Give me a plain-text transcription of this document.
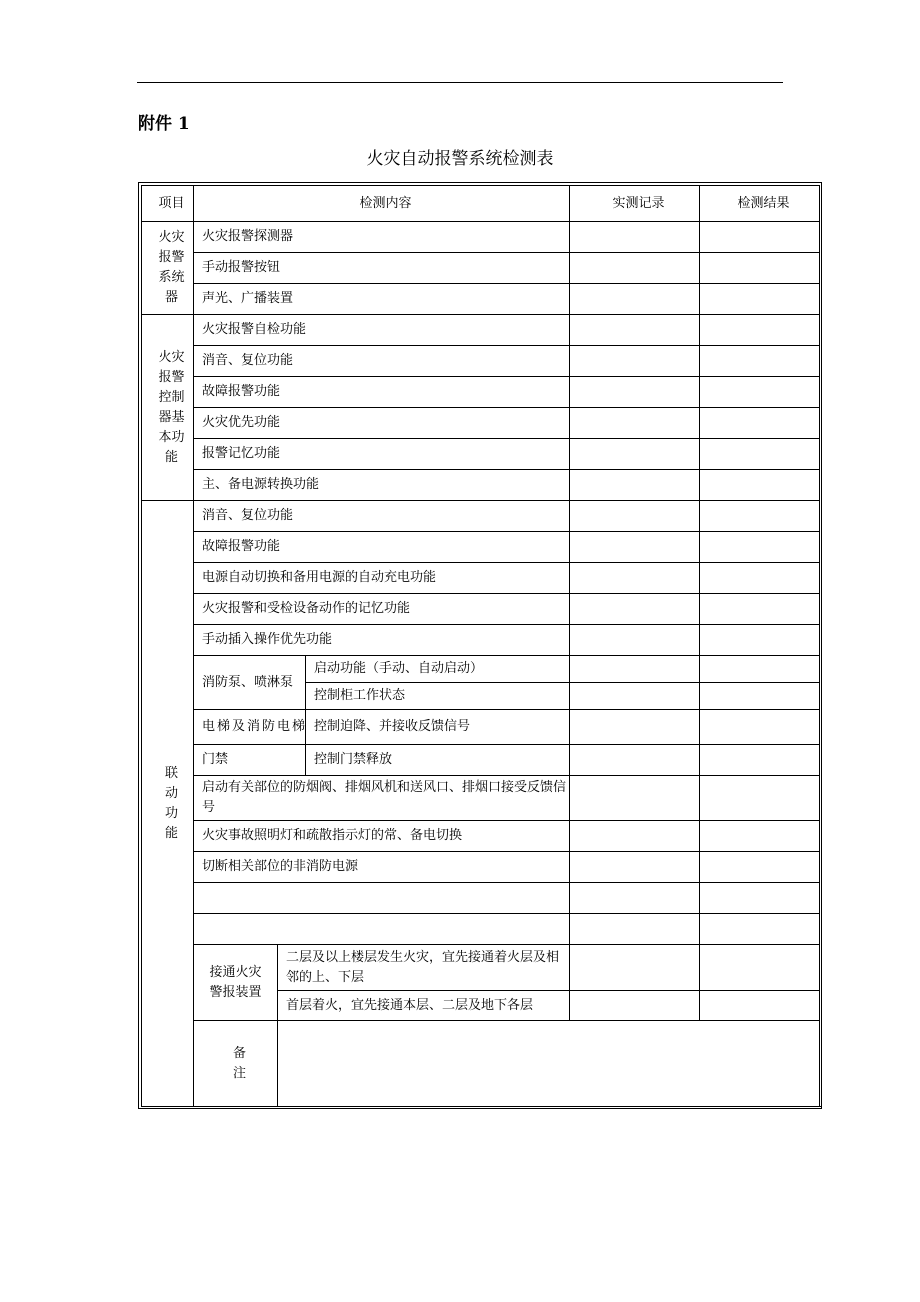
附件 1
火灾自动报警系统检测表
项目	检测内容			实测记录	检测结果

火灾报警系统器	火灾报警探测器				
	手动报警按钮				
	声光、广播装置				

火灾报警控制器基本功能	火灾报警自检功能				
	消音、复位功能				
	故障报警功能				
	火灾优先功能				
	报警记忆功能				
	主、备电源转换功能				

联动功能	消音、复位功能				
	故障报警功能				
	电源自动切换和备用电源的自动充电功能				
	火灾报警和受检设备动作的记忆功能				
	手动插入操作优先功能				
	消防泵、喷淋泵		启动功能（手动、自动启动）		
			控制柜工作状态		
	电梯及消防电梯		控制迫降、并接收反馈信号		
	门禁		控制门禁释放		
	启动有关部位的防烟阀、排烟风机和送风口、排烟口接受反馈信号				
	火灾事故照明灯和疏散指示灯的常、备电切换				
	切断相关部位的非消防电源				

	接通火灾警报装置	二层及以上楼层发生火灾，宜先接通着火层及相邻的上、下层			
		首层着火，宜先接通本层、二层及地下各层			

	备注				
